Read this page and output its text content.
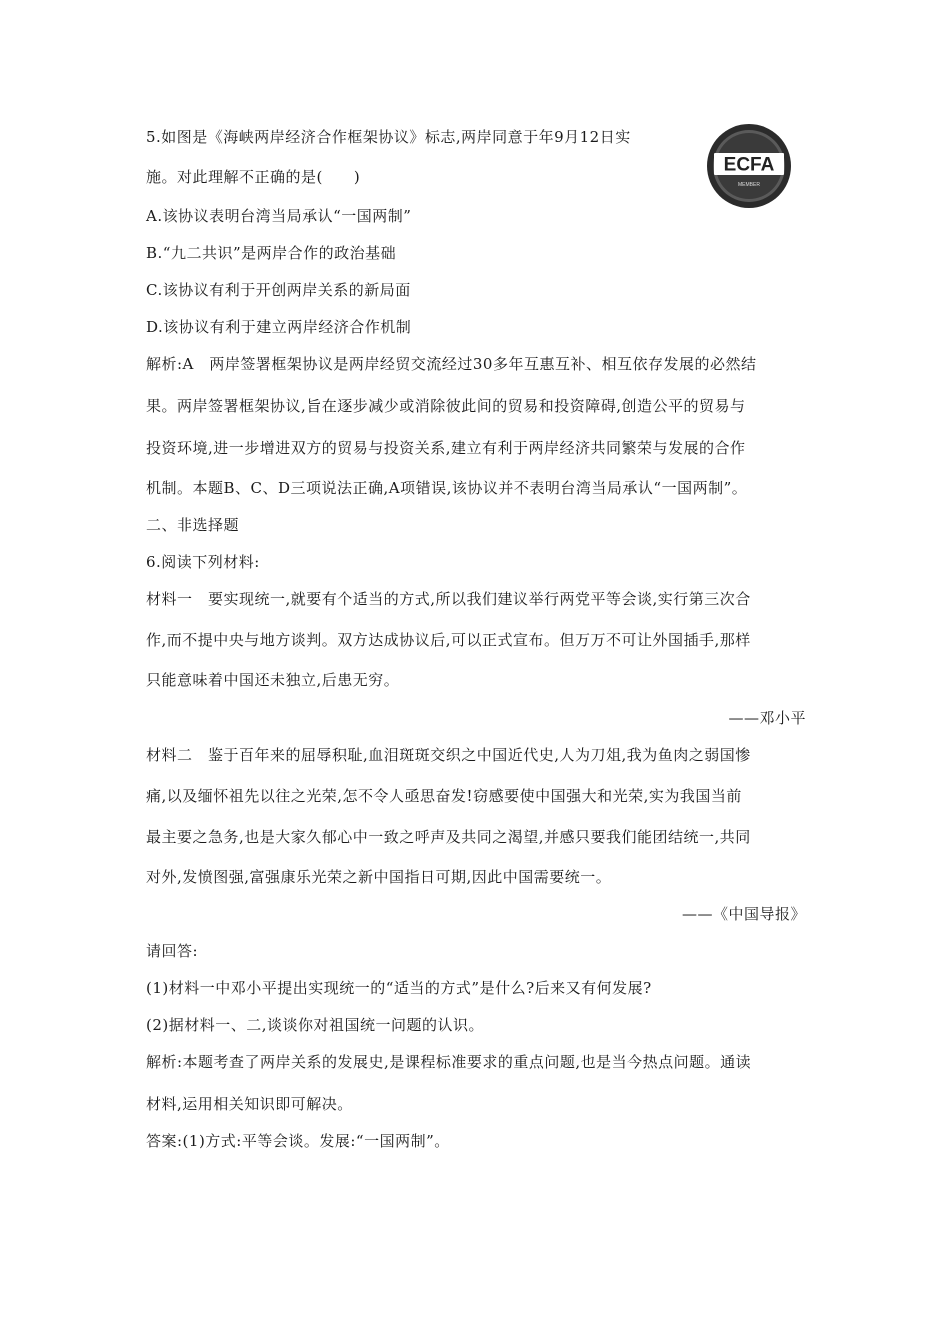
5.如图是《海峡两岸经济合作框架协议》标志,两岸同意于年9月12日实
施。对此理解不正确的是(　　)
ECFA
MEMBER
A.该协议表明台湾当局承认“一国两制”
B.“九二共识”是两岸合作的政治基础
C.该协议有利于开创两岸关系的新局面
D.该协议有利于建立两岸经济合作机制
解析:A　两岸签署框架协议是两岸经贸交流经过30多年互惠互补、相互依存发展的必然结
果。两岸签署框架协议,旨在逐步减少或消除彼此间的贸易和投资障碍,创造公平的贸易与
投资环境,进一步增进双方的贸易与投资关系,建立有利于两岸经济共同繁荣与发展的合作
机制。本题B、C、D三项说法正确,A项错误,该协议并不表明台湾当局承认“一国两制”。
二、非选择题
6.阅读下列材料:
材料一　要实现统一,就要有个适当的方式,所以我们建议举行两党平等会谈,实行第三次合
作,而不提中央与地方谈判。双方达成协议后,可以正式宣布。但万万不可让外国插手,那样
只能意味着中国还未独立,后患无穷。
——邓小平
材料二　鉴于百年来的屈辱积耻,血泪斑斑交织之中国近代史,人为刀俎,我为鱼肉之弱国惨
痛,以及缅怀祖先以往之光荣,怎不令人亟思奋发!窃感要使中国强大和光荣,实为我国当前
最主要之急务,也是大家久郁心中一致之呼声及共同之渴望,并感只要我们能团结统一,共同
对外,发愤图强,富强康乐光荣之新中国指日可期,因此中国需要统一。
——《中国导报》
请回答:
(1)材料一中邓小平提出实现统一的“适当的方式”是什么?后来又有何发展?
(2)据材料一、二,谈谈你对祖国统一问题的认识。
解析:本题考查了两岸关系的发展史,是课程标准要求的重点问题,也是当今热点问题。通读
材料,运用相关知识即可解决。
答案:(1)方式:平等会谈。发展:“一国两制”。
